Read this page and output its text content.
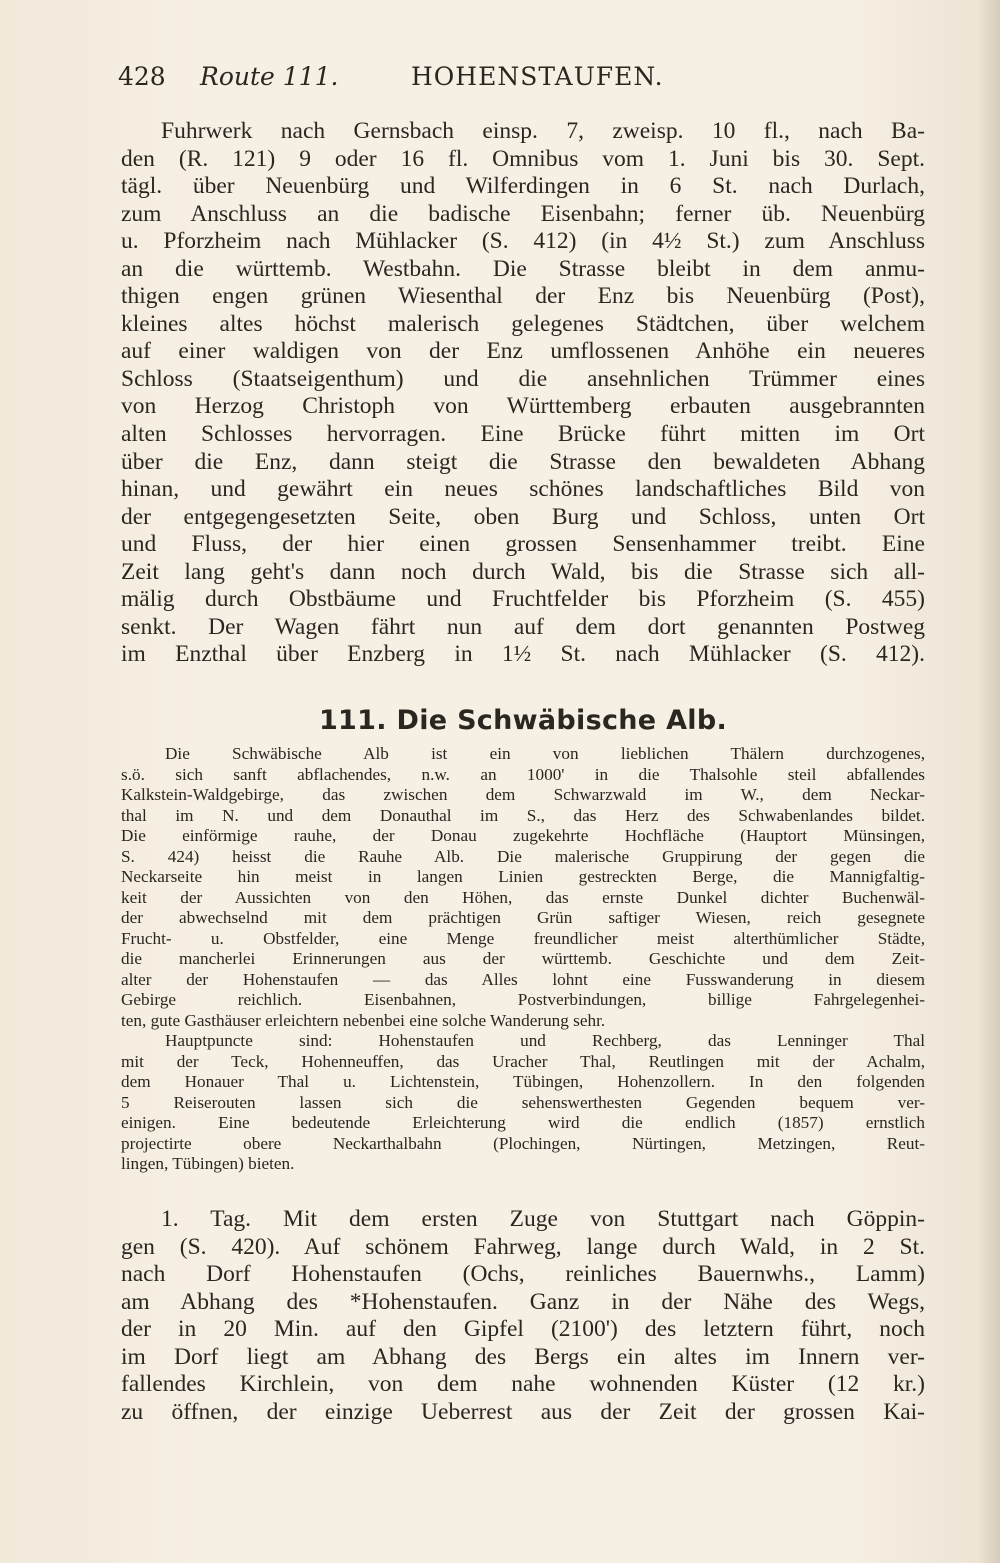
428 Route 111.	HOHENSTAUFEN.
Fuhrwerk nach Gernsbach einsp. 7, zweisp. 10 fl., nach Ba-
den (R. 121) 9 oder 16 fl. Omnibus vom 1. Juni bis 30. Sept.
tägl. über Neuenbürg und Wilferdingen in 6 St. nach Durlach,
zum Anschluss an die badische Eisenbahn; ferner üb. Neuenbürg
u. Pforzheim nach Mühlacker (S. 412) (in 4½ St.) zum Anschluss
an die württemb. Westbahn. Die Strasse bleibt in dem anmu-
thigen engen grünen Wiesenthal der Enz bis Neuenbürg (Post),
kleines altes höchst malerisch gelegenes Städtchen, über welchem
auf einer waldigen von der Enz umflossenen Anhöhe ein neueres
Schloss (Staatseigenthum) und die ansehnlichen Trümmer eines
von Herzog Christoph von Württemberg erbauten ausgebrannten
alten Schlosses hervorragen. Eine Brücke führt mitten im Ort
über die Enz, dann steigt die Strasse den bewaldeten Abhang
hinan, und gewährt ein neues schönes landschaftliches Bild von
der entgegengesetzten Seite, oben Burg und Schloss, unten Ort
und Fluss, der hier einen grossen Sensenhammer treibt. Eine
Zeit lang geht's dann noch durch Wald, bis die Strasse sich all-
mälig durch Obstbäume und Fruchtfelder bis Pforzheim (S. 455)
senkt. Der Wagen fährt nun auf dem dort genannten Postweg
im Enzthal über Enzberg in 1½ St. nach Mühlacker (S. 412).
111. Die Schwäbische Alb.
Die Schwäbische Alb ist ein von lieblichen Thälern durchzogenes,
s.ö. sich sanft abflachendes, n.w. an 1000' in die Thalsohle steil abfallendes
Kalkstein-Waldgebirge, das zwischen dem Schwarzwald im W., dem Neckar-
thal im N. und dem Donauthal im S., das Herz des Schwabenlandes bildet.
Die einförmige rauhe, der Donau zugekehrte Hochfläche (Hauptort Münsingen,
S. 424) heisst die Rauhe Alb. Die malerische Gruppirung der gegen die
Neckarseite hin meist in langen Linien gestreckten Berge, die Mannigfaltig-
keit der Aussichten von den Höhen, das ernste Dunkel dichter Buchenwäl-
der abwechselnd mit dem prächtigen Grün saftiger Wiesen, reich gesegnete
Frucht- u. Obstfelder, eine Menge freundlicher meist alterthümlicher Städte,
die mancherlei Erinnerungen aus der württemb. Geschichte und dem Zeit-
alter der Hohenstaufen — das Alles lohnt eine Fusswanderung in diesem
Gebirge reichlich. Eisenbahnen, Postverbindungen, billige Fahrgelegenhei-
ten, gute Gasthäuser erleichtern nebenbei eine solche Wanderung sehr.
Hauptpuncte sind: Hohenstaufen und Rechberg, das Lenninger Thal
mit der Teck, Hohenneuffen, das Uracher Thal, Reutlingen mit der Achalm,
dem Honauer Thal u. Lichtenstein, Tübingen, Hohenzollern. In den folgenden
5 Reiserouten lassen sich die sehenswerthesten Gegenden bequem ver-
einigen. Eine bedeutende Erleichterung wird die endlich (1857) ernstlich
projectirte obere Neckarthalbahn (Plochingen, Nürtingen, Metzingen, Reut-
lingen, Tübingen) bieten.
1. Tag. Mit dem ersten Zuge von Stuttgart nach Göppin-
gen (S. 420). Auf schönem Fahrweg, lange durch Wald, in 2 St.
nach Dorf Hohenstaufen (Ochs, reinliches Bauernwhs., Lamm)
am Abhang des *Hohenstaufen. Ganz in der Nähe des Wegs,
der in 20 Min. auf den Gipfel (2100') des letztern führt, noch
im Dorf liegt am Abhang des Bergs ein altes im Innern ver-
fallendes Kirchlein, von dem nahe wohnenden Küster (12 kr.)
zu öffnen, der einzige Ueberrest aus der Zeit der grossen Kai-
